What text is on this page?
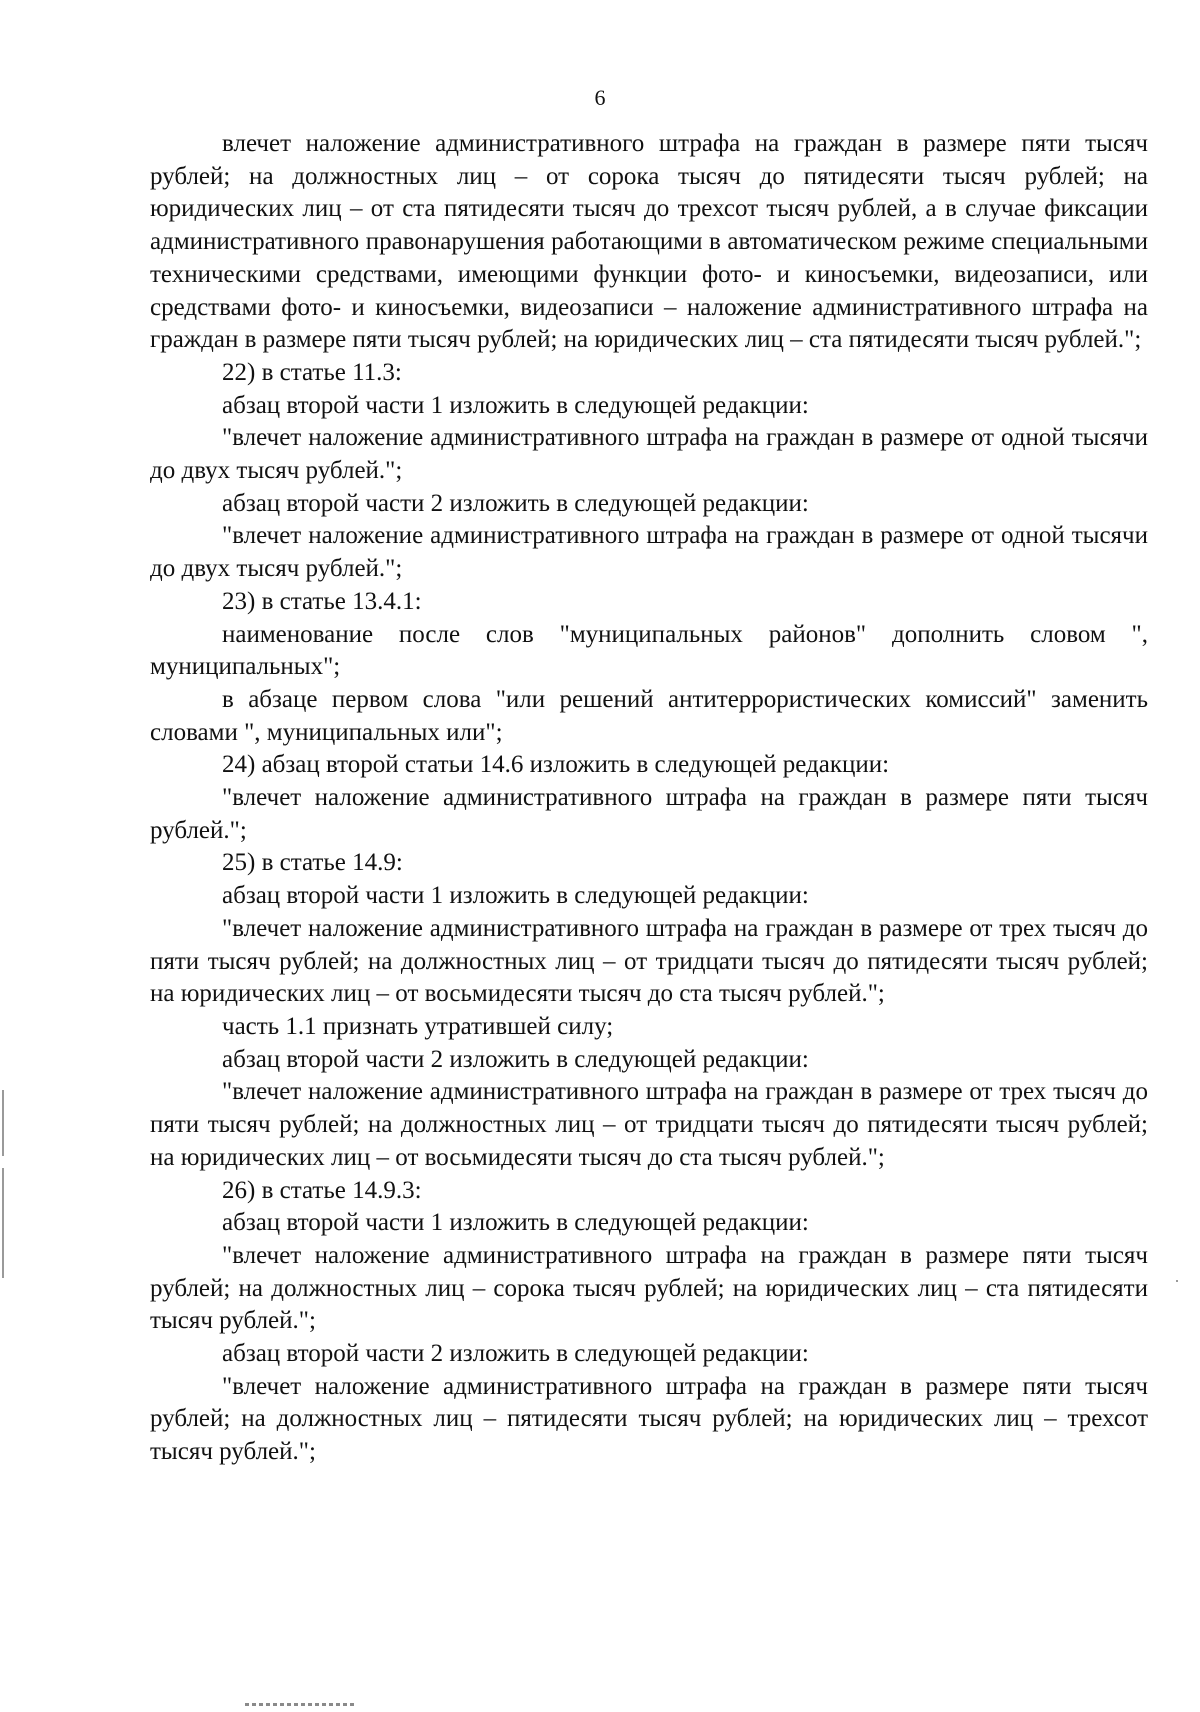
6

влечет наложение административного штрафа на граждан в размере пяти тысяч рублей; на должностных лиц – от сорока тысяч до пятидесяти тысяч рублей; на юридических лиц – от ста пятидесяти тысяч до трехсот тысяч рублей, а в случае фиксации административного правонарушения работающими в автоматическом режиме специальными техническими средствами, имеющими функции фото- и киносъемки, видеозаписи, или средствами фото- и киносъемки, видеозаписи – наложение административного штрафа на граждан в размере пяти тысяч рублей; на юридических лиц – ста пятидесяти тысяч рублей.";

22) в статье 11.3:

абзац второй части 1 изложить в следующей редакции:

"влечет наложение административного штрафа на граждан в размере от одной тысячи до двух тысяч рублей.";

абзац второй части 2 изложить в следующей редакции:

"влечет наложение административного штрафа на граждан в размере от одной тысячи до двух тысяч рублей.";

23) в статье 13.4.1:

наименование после слов "муниципальных районов" дополнить словом ", муниципальных";

в абзаце первом слова "или решений антитеррористических комиссий" заменить словами ", муниципальных или";

24) абзац второй статьи 14.6 изложить в следующей редакции:

"влечет наложение административного штрафа на граждан в размере пяти тысяч рублей.";

25) в статье 14.9:

абзац второй части 1 изложить в следующей редакции:

"влечет наложение административного штрафа на граждан в размере от трех тысяч до пяти тысяч рублей; на должностных лиц – от тридцати тысяч до пятидесяти тысяч рублей; на юридических лиц – от восьмидесяти тысяч до ста тысяч рублей.";

часть 1.1 признать утратившей силу;

абзац второй части 2 изложить в следующей редакции:

"влечет наложение административного штрафа на граждан в размере от трех тысяч до пяти тысяч рублей; на должностных лиц – от тридцати тысяч до пятидесяти тысяч рублей; на юридических лиц – от восьмидесяти тысяч до ста тысяч рублей.";

26) в статье 14.9.3:

абзац второй части 1 изложить в следующей редакции:

"влечет наложение административного штрафа на граждан в размере пяти тысяч рублей; на должностных лиц – сорока тысяч рублей; на юридических лиц – ста пятидесяти тысяч рублей.";

абзац второй части 2 изложить в следующей редакции:

"влечет наложение административного штрафа на граждан в размере пяти тысяч рублей; на должностных лиц – пятидесяти тысяч рублей; на юридических лиц – трехсот тысяч рублей.";
